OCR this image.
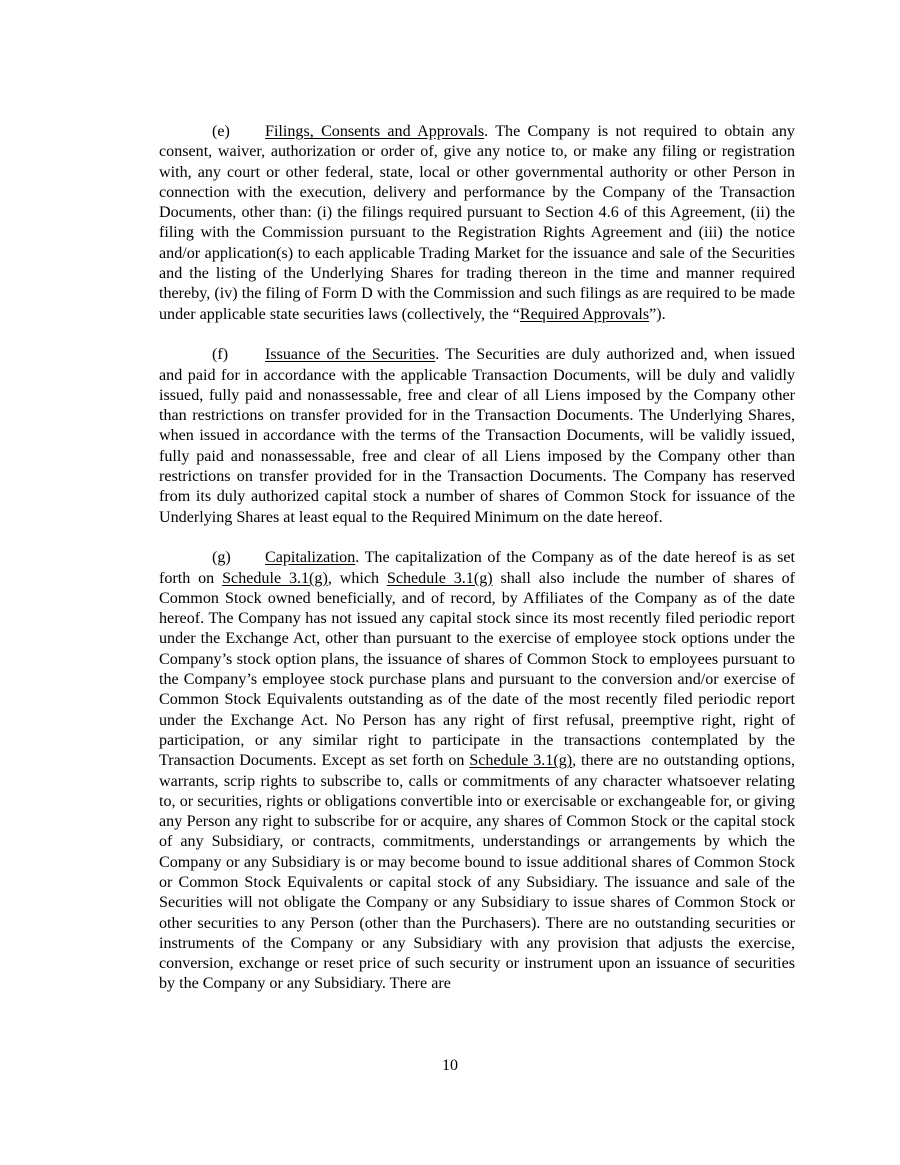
(e) Filings, Consents and Approvals. The Company is not required to obtain any consent, waiver, authorization or order of, give any notice to, or make any filing or registration with, any court or other federal, state, local or other governmental authority or other Person in connection with the execution, delivery and performance by the Company of the Transaction Documents, other than: (i) the filings required pursuant to Section 4.6 of this Agreement, (ii) the filing with the Commission pursuant to the Registration Rights Agreement and (iii) the notice and/or application(s) to each applicable Trading Market for the issuance and sale of the Securities and the listing of the Underlying Shares for trading thereon in the time and manner required thereby, (iv) the filing of Form D with the Commission and such filings as are required to be made under applicable state securities laws (collectively, the “Required Approvals”).

(f) Issuance of the Securities. The Securities are duly authorized and, when issued and paid for in accordance with the applicable Transaction Documents, will be duly and validly issued, fully paid and nonassessable, free and clear of all Liens imposed by the Company other than restrictions on transfer provided for in the Transaction Documents. The Underlying Shares, when issued in accordance with the terms of the Transaction Documents, will be validly issued, fully paid and nonassessable, free and clear of all Liens imposed by the Company other than restrictions on transfer provided for in the Transaction Documents. The Company has reserved from its duly authorized capital stock a number of shares of Common Stock for issuance of the Underlying Shares at least equal to the Required Minimum on the date hereof.

(g) Capitalization. The capitalization of the Company as of the date hereof is as set forth on Schedule 3.1(g), which Schedule 3.1(g) shall also include the number of shares of Common Stock owned beneficially, and of record, by Affiliates of the Company as of the date hereof. The Company has not issued any capital stock since its most recently filed periodic report under the Exchange Act, other than pursuant to the exercise of employee stock options under the Company’s stock option plans, the issuance of shares of Common Stock to employees pursuant to the Company’s employee stock purchase plans and pursuant to the conversion and/or exercise of Common Stock Equivalents outstanding as of the date of the most recently filed periodic report under the Exchange Act. No Person has any right of first refusal, preemptive right, right of participation, or any similar right to participate in the transactions contemplated by the Transaction Documents. Except as set forth on Schedule 3.1(g), there are no outstanding options, warrants, scrip rights to subscribe to, calls or commitments of any character whatsoever relating to, or securities, rights or obligations convertible into or exercisable or exchangeable for, or giving any Person any right to subscribe for or acquire, any shares of Common Stock or the capital stock of any Subsidiary, or contracts, commitments, understandings or arrangements by which the Company or any Subsidiary is or may become bound to issue additional shares of Common Stock or Common Stock Equivalents or capital stock of any Subsidiary. The issuance and sale of the Securities will not obligate the Company or any Subsidiary to issue shares of Common Stock or other securities to any Person (other than the Purchasers). There are no outstanding securities or instruments of the Company or any Subsidiary with any provision that adjusts the exercise, conversion, exchange or reset price of such security or instrument upon an issuance of securities by the Company or any Subsidiary. There are

10
